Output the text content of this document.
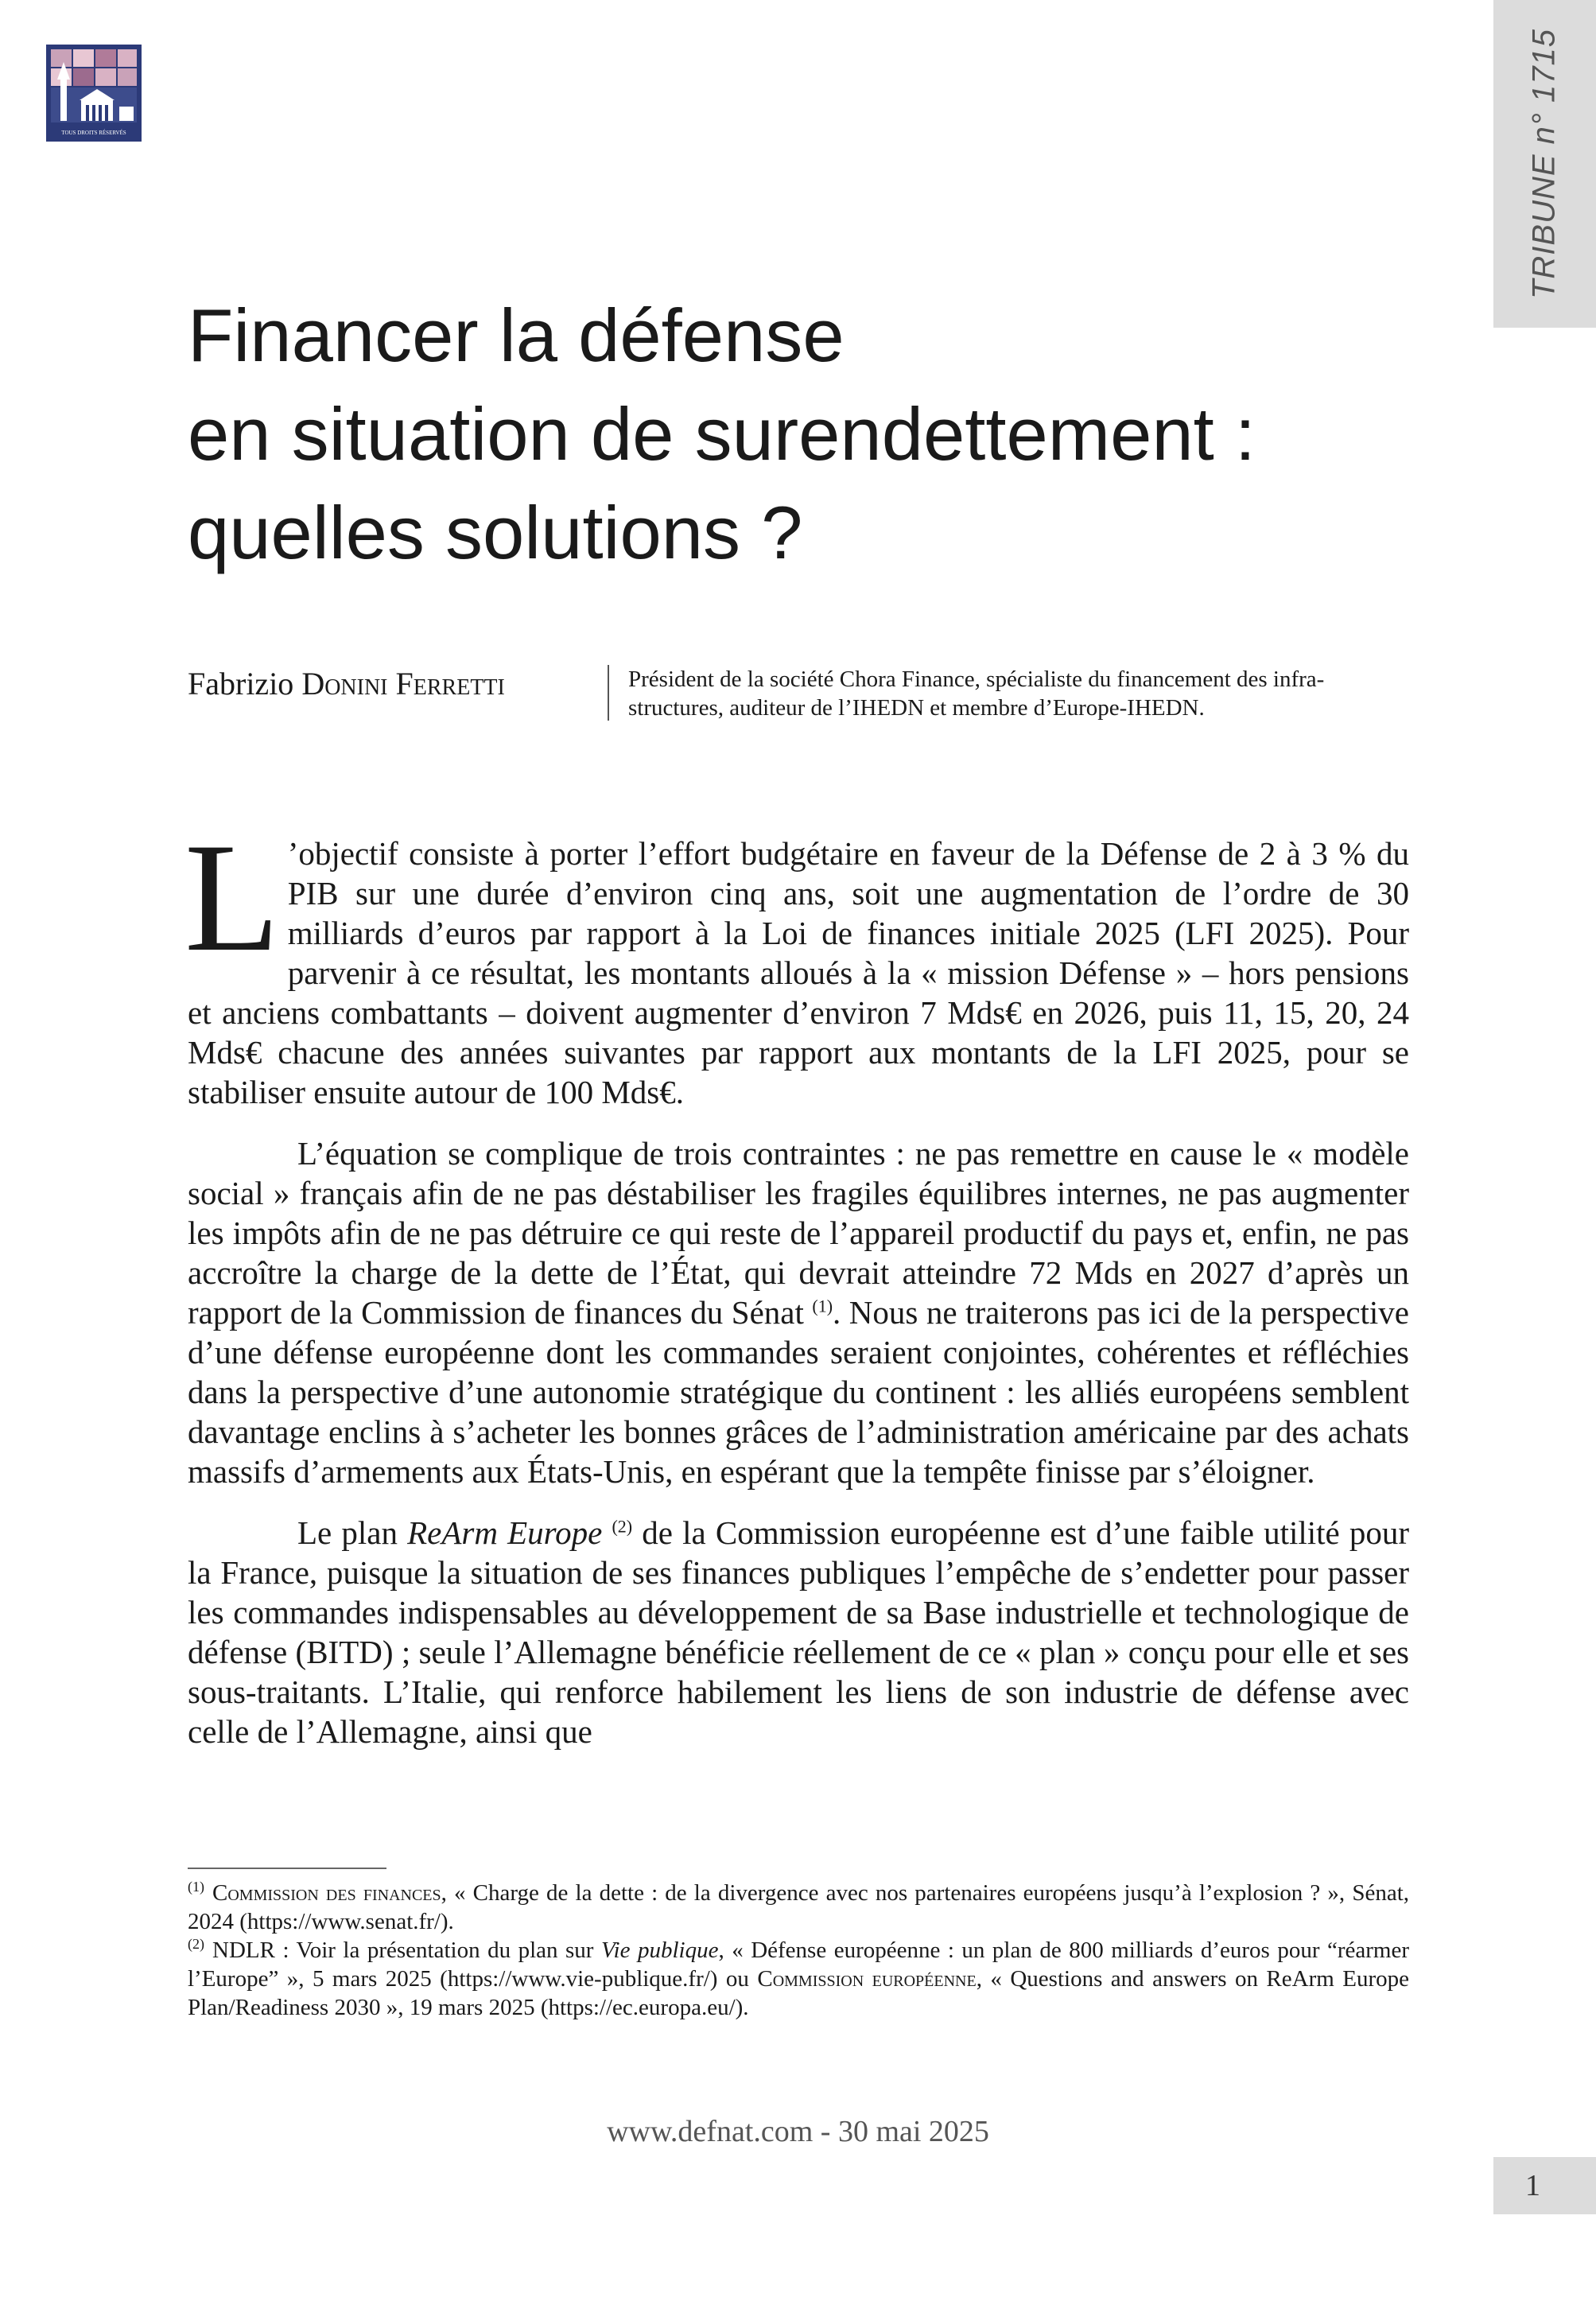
TOUS DROITS RÉSERVÉS	TRIBUNE n° 1715
Financer la défense
en situation de surendettement :
quelles solutions ?
Fabrizio Donini Ferretti	Président de la société Chora Finance, spécialiste du financement des infrastructures, auditeur de l’IHEDN et membre d’Europe-IHEDN.

L ’objectif consiste à porter l’effort budgétaire en faveur de la Défense de 2 à 3 % du PIB sur une durée d’environ cinq ans, soit une augmentation de l’ordre de 30 milliards d’euros par rapport à la Loi de finances initiale 2025 (LFI 2025). Pour parvenir à ce résultat, les montants alloués à la « mission Défense » – hors pensions et anciens combattants – doivent augmenter d’environ 7 Mds€ en 2026, puis 11, 15, 20, 24 Mds€ chacune des années suivantes par rapport aux montants de la LFI 2025, pour se stabiliser ensuite autour de 100 Mds€.

L’équation se complique de trois contraintes : ne pas remettre en cause le « modèle social » français afin de ne pas déstabiliser les fragiles équilibres internes, ne pas augmenter les impôts afin de ne pas détruire ce qui reste de l’appareil productif du pays et, enfin, ne pas accroître la charge de la dette de l’État, qui devrait atteindre 72 Mds en 2027 d’après un rapport de la Commission de finances du Sénat $^{(1)}$. Nous ne traiterons pas ici de la perspective d’une défense européenne dont les commandes seraient conjointes, cohérentes et réfléchies dans la perspective d’une autonomie stratégique du continent : les alliés européens semblent davantage enclins à s’acheter les bonnes grâces de l’administration américaine par des achats massifs d’armements aux États-Unis, en espérant que la tempête finisse par s’éloigner.

Le plan ReArm Europe $^{(2)}$ de la Commission européenne est d’une faible utilité pour la France, puisque la situation de ses finances publiques l’empêche de s’endetter pour passer les commandes indispensables au développement de sa Base industrielle et technologique de défense (BITD) ; seule l’Allemagne bénéficie réellement de ce « plan » conçu pour elle et ses sous-traitants. L’Italie, qui renforce habilement les liens de son industrie de défense avec celle de l’Allemagne, ainsi que

$^{(1)}$ Commission des finances, « Charge de la dette : de la divergence avec nos partenaires européens jusqu’à l’explosion ? », Sénat, 2024 (https://www.senat.fr/).

$^{(2)}$ NDLR : Voir la présentation du plan sur Vie publique, « Défense européenne : un plan de 800 milliards d’euros pour “réarmer l’Europe” », 5 mars 2025 (https://www.vie-publique.fr/) ou Commission européenne, « Questions and answers on ReArm Europe Plan/Readiness 2030 », 19 mars 2025 (https://ec.europa.eu/).

www.defnat.com - 30 mai 2025
1
